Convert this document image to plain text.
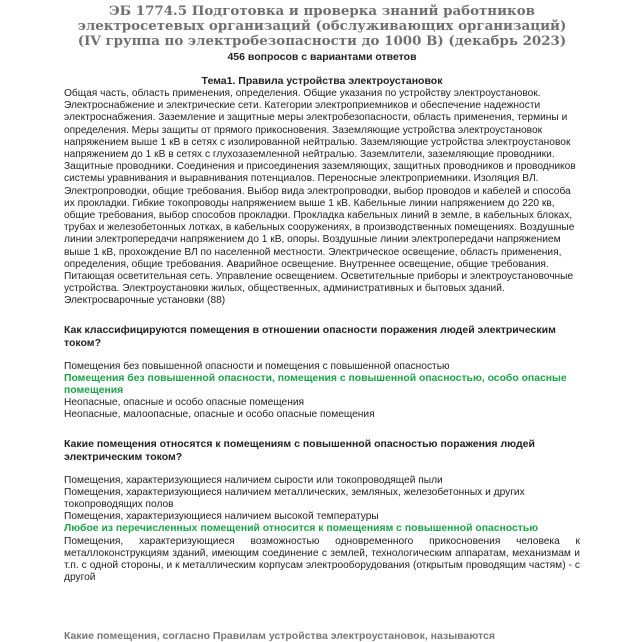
ЭБ 1774.5 Подготовка и проверка знаний работников электросетевых организаций (обслуживающих организаций) (IV группа по электробезопасности до 1000 В) (декабрь 2023)
456 вопросов с вариантами ответов
Тема1. Правила устройства электроустановок

Общая часть, область применения, определения. Общие указания по устройству электроустановок. Электроснабжение и электрические сети. Категории электроприемников и обеспечение надежности электроснабжения. Заземление и защитные меры электробезопасности, область применения, термины и определения. Меры защиты от прямого прикосновения. Заземляющие устройства электроустановок напряжением выше 1 кВ в сетях с изолированной нейтралью. Заземляющие устройства электроустановок напряжением до 1 кВ в сетях с глухозаземленной нейтралью. Заземлители, заземляющие проводники. Защитные проводники. Соединения и присоединения заземляющих, защитных проводников и проводников системы уравнивания и выравнивания потенциалов. Переносные электроприемники. Изоляция ВЛ. Электропроводки, общие требования. Выбор вида электропроводки, выбор проводов и кабелей и способа их прокладки. Гибкие токопроводы напряжением выше 1 кВ. Кабельные линии напряжением до 220 кв, общие требования, выбор способов прокладки. Прокладка кабельных линий в земле, в кабельных блоках, трубах и железобетонных лотках, в кабельных сооружениях, в производственных помещениях. Воздушные линии электропередачи напряжением до 1 кВ, опоры. Воздушные линии электропередачи напряжением выше 1 кВ, прохождение ВЛ по населенной местности. Электрическое освещение, область применения, определения, общие требования. Аварийное освещение. Внутреннее освещение, общие требования. Питающая осветительная сеть. Управление освещением. Осветительные приборы и электроустановочные устройства. Электроустановки жилых, общественных, административных и бытовых зданий. Электросварочные установки (88)

Как классифицируются помещения в отношении опасности поражения людей электрическим током?

Помещения без повышенной опасности и помещения с повышенной опасностью

Помещения без повышенной опасности, помещения с повышенной опасностью, особо опасные помещения

Неопасные, опасные и особо опасные помещения

Неопасные, малоопасные, опасные и особо опасные помещения

Какие помещения относятся к помещениям с повышенной опасностью поражения людей электрическим током?

Помещения, характеризующиеся наличием сырости или токопроводящей пыли

Помещения, характеризующиеся наличием металлических, земляных, железобетонных и других токопроводящих полов

Помещения, характеризующиеся наличием высокой температуры

Любое из перечисленных помещений относится к помещениям с повышенной опасностью

Помещения, характеризующиеся возможностью одновременного прикосновения человека к металлоконструкциям зданий, имеющим соединение с землей, технологическим аппаратам, механизмам и т.п. с одной стороны, и к металлическим корпусам электрооборудования (открытым проводящим частям) - с другой

Какие помещения, согласно Правилам устройства электроустановок, называются
